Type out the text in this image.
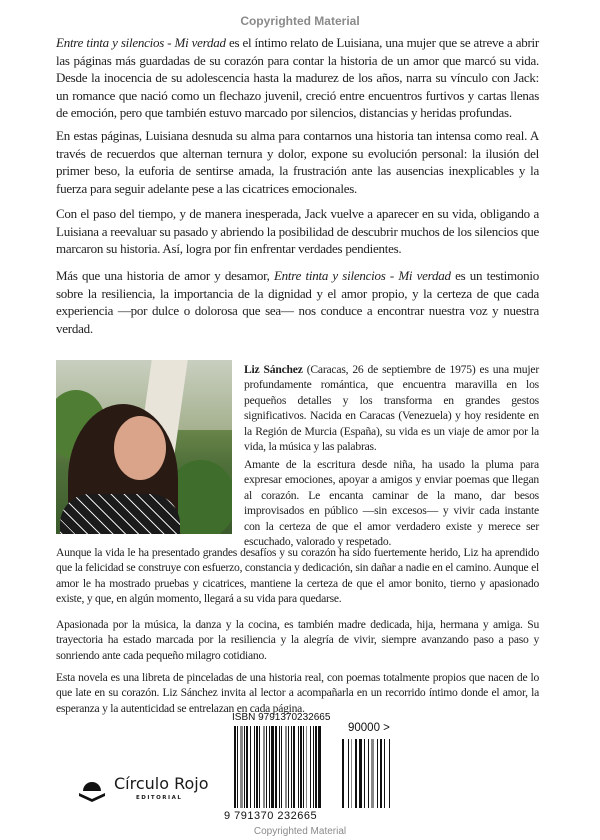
Copyrighted Material

Entre tinta y silencios - Mi verdad es el íntimo relato de Luisiana, una mujer que se atreve a abrir las páginas más guardadas de su corazón para contar la historia de un amor que marcó su vida. Desde la inocencia de su adolescencia hasta la madurez de los años, narra su vínculo con Jack: un romance que nació como un flechazo juvenil, creció entre encuentros furtivos y cartas llenas de emoción, pero que también estuvo marcado por silencios, distancias y heridas profundas.

En estas páginas, Luisiana desnuda su alma para contarnos una historia tan intensa como real. A través de recuerdos que alternan ternura y dolor, expone su evolución personal: la ilusión del primer beso, la euforia de sentirse amada, la frustración ante las ausencias inexplicables y la fuerza para seguir adelante pese a las cicatrices emocionales.

Con el paso del tiempo, y de manera inesperada, Jack vuelve a aparecer en su vida, obligando a Luisiana a reevaluar su pasado y abriendo la posibilidad de descubrir muchos de los silencios que marcaron su historia. Así, logra por fin enfrentar verdades pendientes.

Más que una historia de amor y desamor, Entre tinta y silencios - Mi verdad es un testimonio sobre la resiliencia, la importancia de la dignidad y el amor propio, y la certeza de que cada experiencia —por dulce o dolorosa que sea— nos conduce a encontrar nuestra voz y nuestra verdad.

Liz Sánchez (Caracas, 26 de septiembre de 1975) es una mujer profundamente romántica, que encuentra maravilla en los pequeños detalles y los transforma en grandes gestos significativos. Nacida en Caracas (Venezuela) y hoy residente en la Región de Murcia (España), su vida es un viaje de amor por la vida, la música y las palabras.

Amante de la escritura desde niña, ha usado la pluma para expresar emociones, apoyar a amigos y enviar poemas que llegan al corazón. Le encanta caminar de la mano, dar besos improvisados en público —sin excesos— y vivir cada instante con la certeza de que el amor verdadero existe y merece ser escuchado, valorado y respetado.

Aunque la vida le ha presentado grandes desafíos y su corazón ha sido fuertemente herido, Liz ha aprendido que la felicidad se construye con esfuerzo, constancia y dedicación, sin dañar a nadie en el camino. Aunque el amor le ha mostrado pruebas y cicatrices, mantiene la certeza de que el amor bonito, tierno y apasionado existe, y que, en algún momento, llegará a su vida para quedarse.

Apasionada por la música, la danza y la cocina, es también madre dedicada, hija, hermana y amiga. Su trayectoria ha estado marcada por la resiliencia y la alegría de vivir, siempre avanzando paso a paso y sonriendo ante cada pequeño milagro cotidiano.

Esta novela es una libreta de pinceladas de una historia real, con poemas totalmente propios que nacen de lo que late en su corazón. Liz Sánchez invita al lector a acompañarla en un recorrido íntimo donde el amor, la esperanza y la autenticidad se entrelazan en cada página.

Círculo Rojo
EDITORIAL
ISBN 9791370232665
90000 >
9 791370 232665
Copyrighted Material
